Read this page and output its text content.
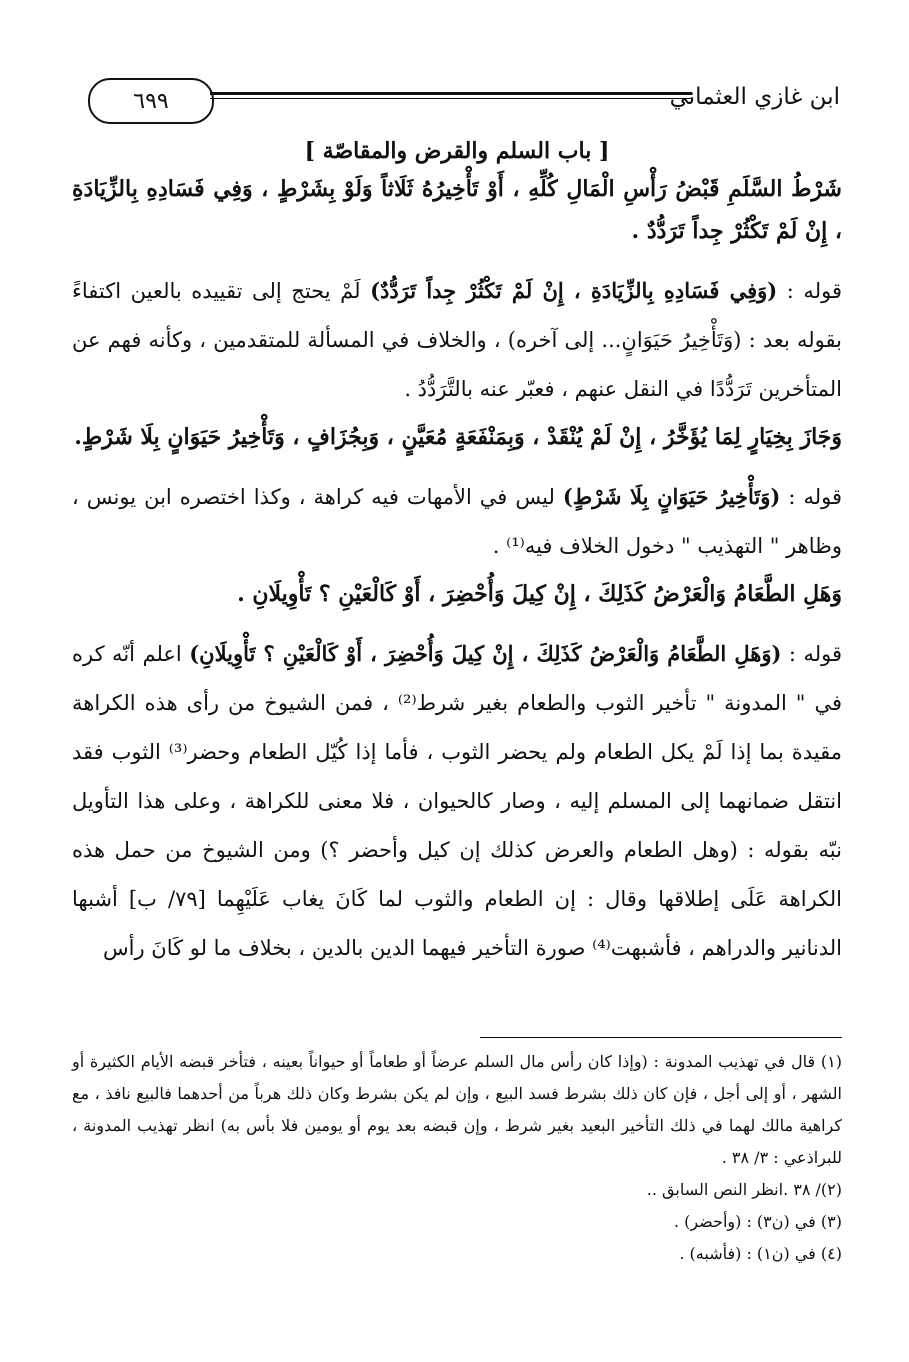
٦٩٩	ابن غازي العثماني
[ باب السلم والقرض والمقاصّة ]

شَرْطُ السَّلَمِ قَبْضُ رَأْسِ الْمَالِ كُلِّهِ ، أَوْ تَأْخِيرُهُ ثَلَاثاً وَلَوْ بِشَرْطٍ ، وَفِي فَسَادِهِ بِالزِّيَادَةِ ، إِنْ لَمْ تَكْثُرْ جِداً تَرَدُّدٌ .

قوله : (وَفِي فَسَادِهِ بِالزِّيَادَةِ ، إِنْ لَمْ تَكْثُرْ جِداً تَرَدُّدٌ) لَمْ يحتج إلى تقييده بالعين اكتفاءً بقوله بعد : (وَتَأْخِيرُ حَيَوَانٍ... إلى آخره) ، والخلاف في المسألة للمتقدمين ، وكأنه فهم عن المتأخرين تَرَدُّدًا في النقل عنهم ، فعبّر عنه بالتَّرَدُّدُ .

وَجَازَ بِخِيَارٍ لِمَا يُؤَخَّرُ ، إِنْ لَمْ يُنْقَدْ ، وَبِمَنْفَعَةٍ مُعَيَّنٍ ، وَبِجُزَافٍ ، وَتَأْخِيرُ حَيَوَانٍ بِلَا شَرْطٍ.

قوله : (وَتَأْخِيرُ حَيَوَانٍ بِلَا شَرْطٍ) ليس في الأمهات فيه كراهة ، وكذا اختصره ابن يونس ، وظاهر " التهذيب " دخول الخلاف فيه⁽¹⁾ .

وَهَلِ الطَّعَامُ وَالْعَرْضُ كَذَلِكَ ، إِنْ كِيلَ وَأُحْضِرَ ، أَوْ كَالْعَيْنِ ؟ تَأْوِيلَانِ .

قوله : (وَهَلِ الطَّعَامُ وَالْعَرْضُ كَذَلِكَ ، إِنْ كِيلَ وَأُحْضِرَ ، أَوْ كَالْعَيْنِ ؟ تَأْوِيلَانِ) اعلم أنّه كره في " المدونة " تأخير الثوب والطعام بغير شرط⁽²⁾ ، فمن الشيوخ من رأى هذه الكراهة مقيدة بما إذا لَمْ يكل الطعام ولم يحضر الثوب ، فأما إذا كُيّل الطعام وحضر⁽³⁾ الثوب فقد انتقل ضمانهما إلى المسلم إليه ، وصار كالحيوان ، فلا معنى للكراهة ، وعلى هذا التأويل نبّه بقوله : (وهل الطعام والعرض كذلك إن كيل وأحضر ؟) ومن الشيوخ من حمل هذه الكراهة عَلَى إطلاقها وقال : إن الطعام والثوب لما كَانَ يغاب عَلَيْهِما [٧٩/ ب] أشبها الدنانير والدراهم ، فأشبهت⁽⁴⁾ صورة التأخير فيهما الدين بالدين ، بخلاف ما لو كَانَ رأس

(١) قال في تهذيب المدونة : (وإذا كان رأس مال السلم عرضاً أو طعاماً أو حيواناً بعينه ، فتأخر قبضه الأيام الكثيرة أو الشهر ، أو إلى أجل ، فإن كان ذلك بشرط فسد البيع ، وإن لم يكن بشرط وكان ذلك هرباً من أحدهما فالبيع نافذ ، مع كراهية مالك لهما في ذلك التأخير البعيد بغير شرط ، وإن قبضه بعد يوم أو يومين فلا بأس به) انظر تهذيب المدونة ، للبراذعي : ٣/ ٣٨ .

(٢)/ ٣٨ .انظر النص السابق ..

(٣) في (ن٣) : (وأحضر) .

(٤) في (ن١) : (فأشبه) .
